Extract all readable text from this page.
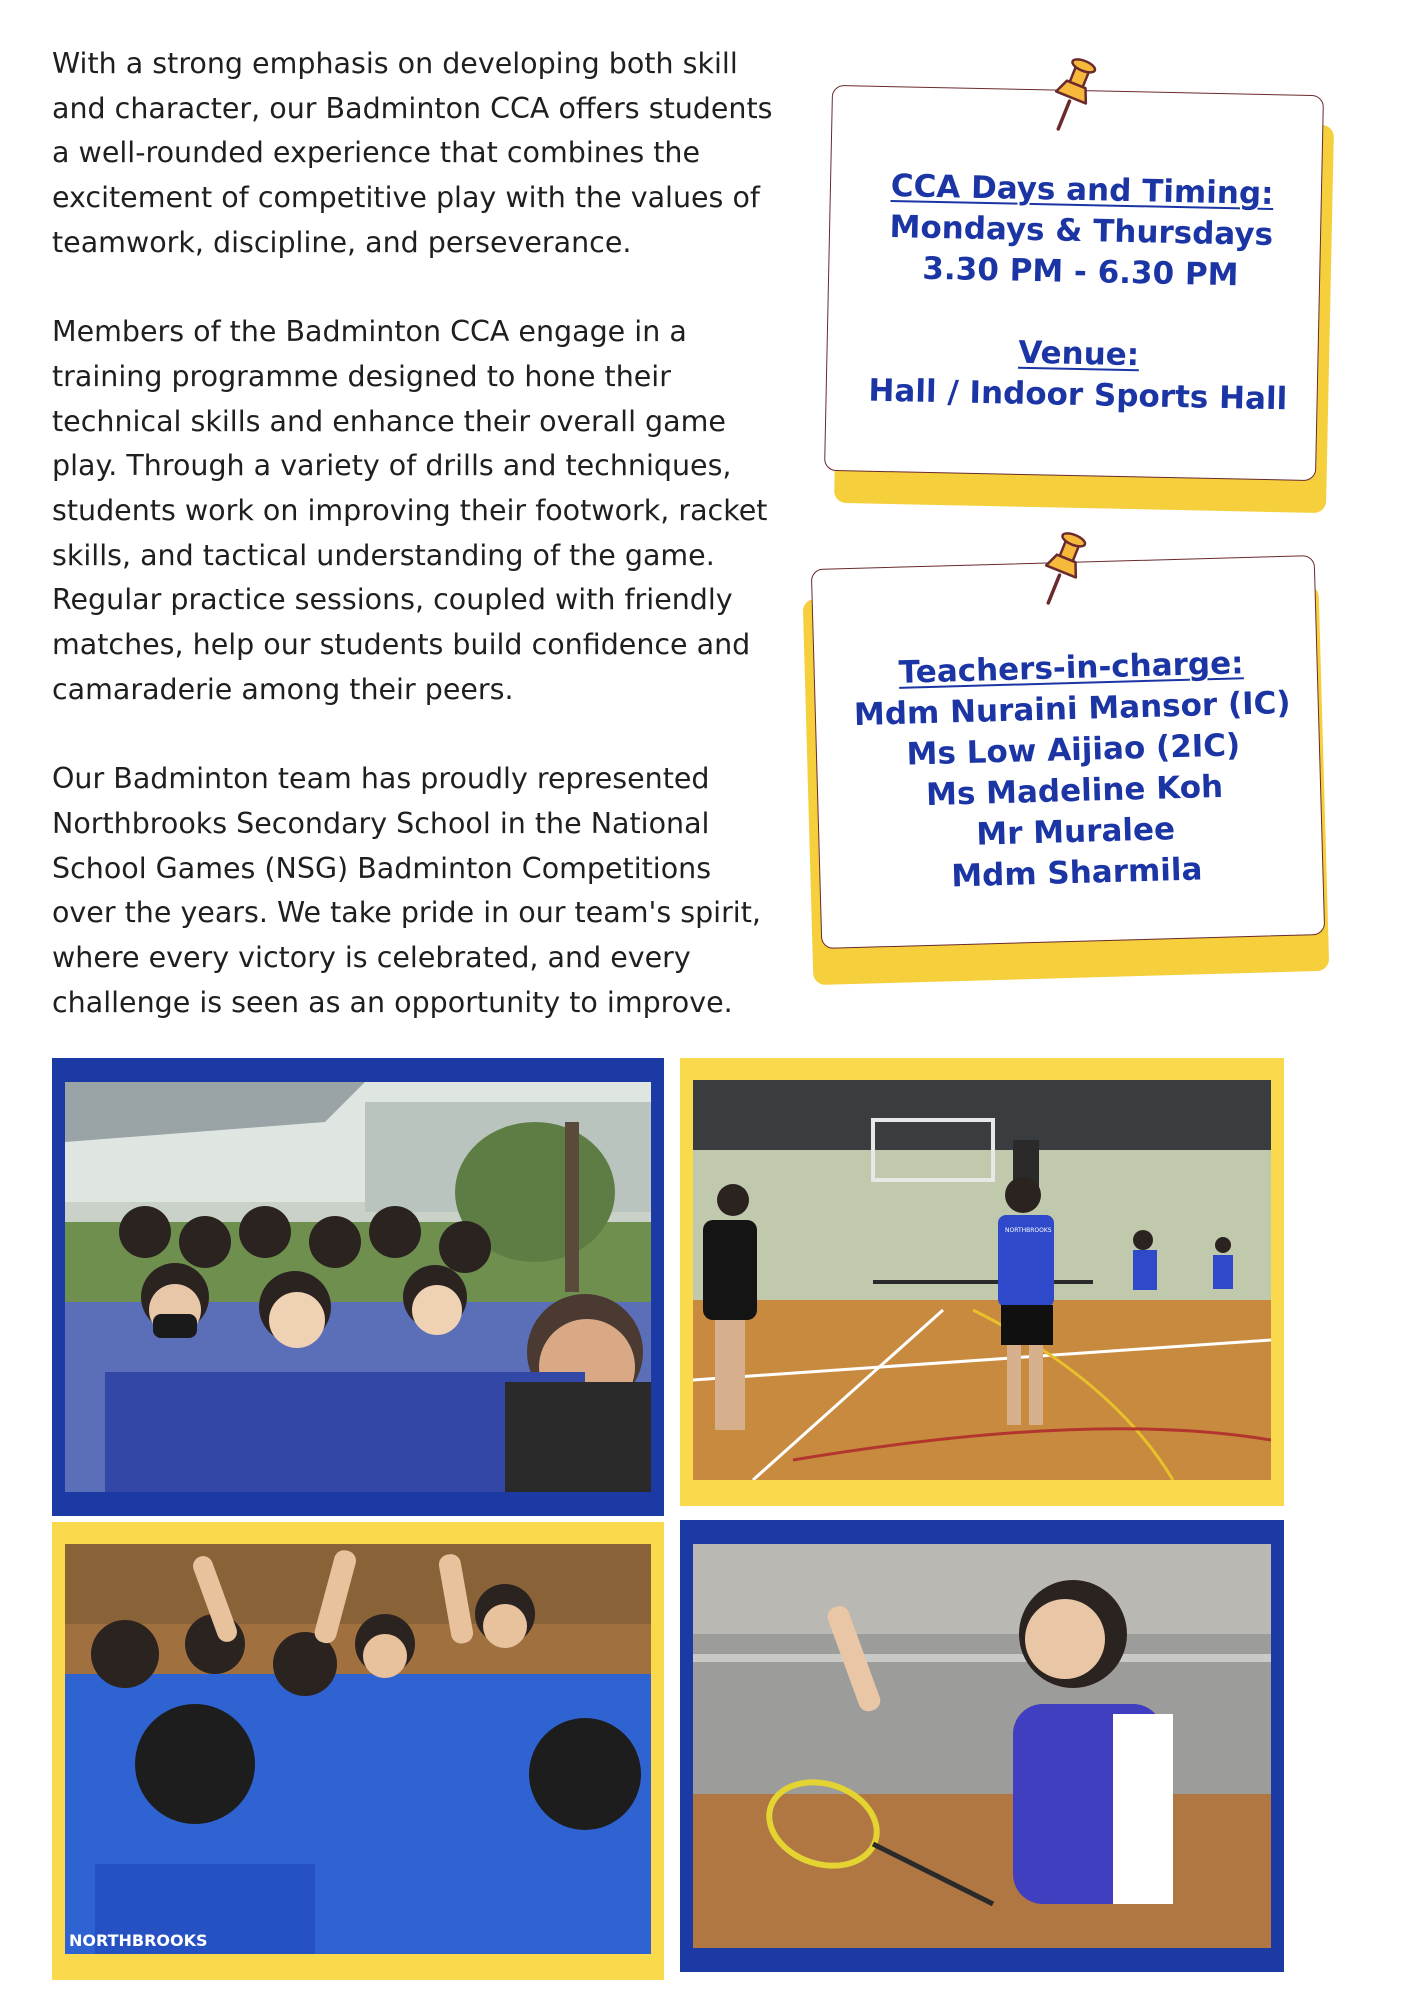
With a strong emphasis on developing both skill and character, our Badminton CCA offers students a well-rounded experience that combines the excitement of competitive play with the values of teamwork, discipline, and perseverance.

Members of the Badminton CCA engage in a training programme designed to hone their technical skills and enhance their overall game play. Through a variety of drills and techniques, students work on improving their footwork, racket skills, and tactical understanding of the game. Regular practice sessions, coupled with friendly matches, help our students build confidence and camaraderie among their peers.

Our Badminton team has proudly represented Northbrooks Secondary School in the National School Games (NSG) Badminton Competitions over the years. We take pride in our team's spirit, where every victory is celebrated, and every challenge is seen as an opportunity to improve.

CCA Days and Timing:
Mondays & Thursdays
3.30 PM - 6.30 PM
Venue:
Hall / Indoor Sports Hall
Teachers-in-charge:
Mdm Nuraini Mansor (IC)
Ms Low Aijiao (2IC)
Ms Madeline Koh
Mr Muralee
Mdm Sharmila
NORTHBROOKS
NORTHBROOKS
NO
